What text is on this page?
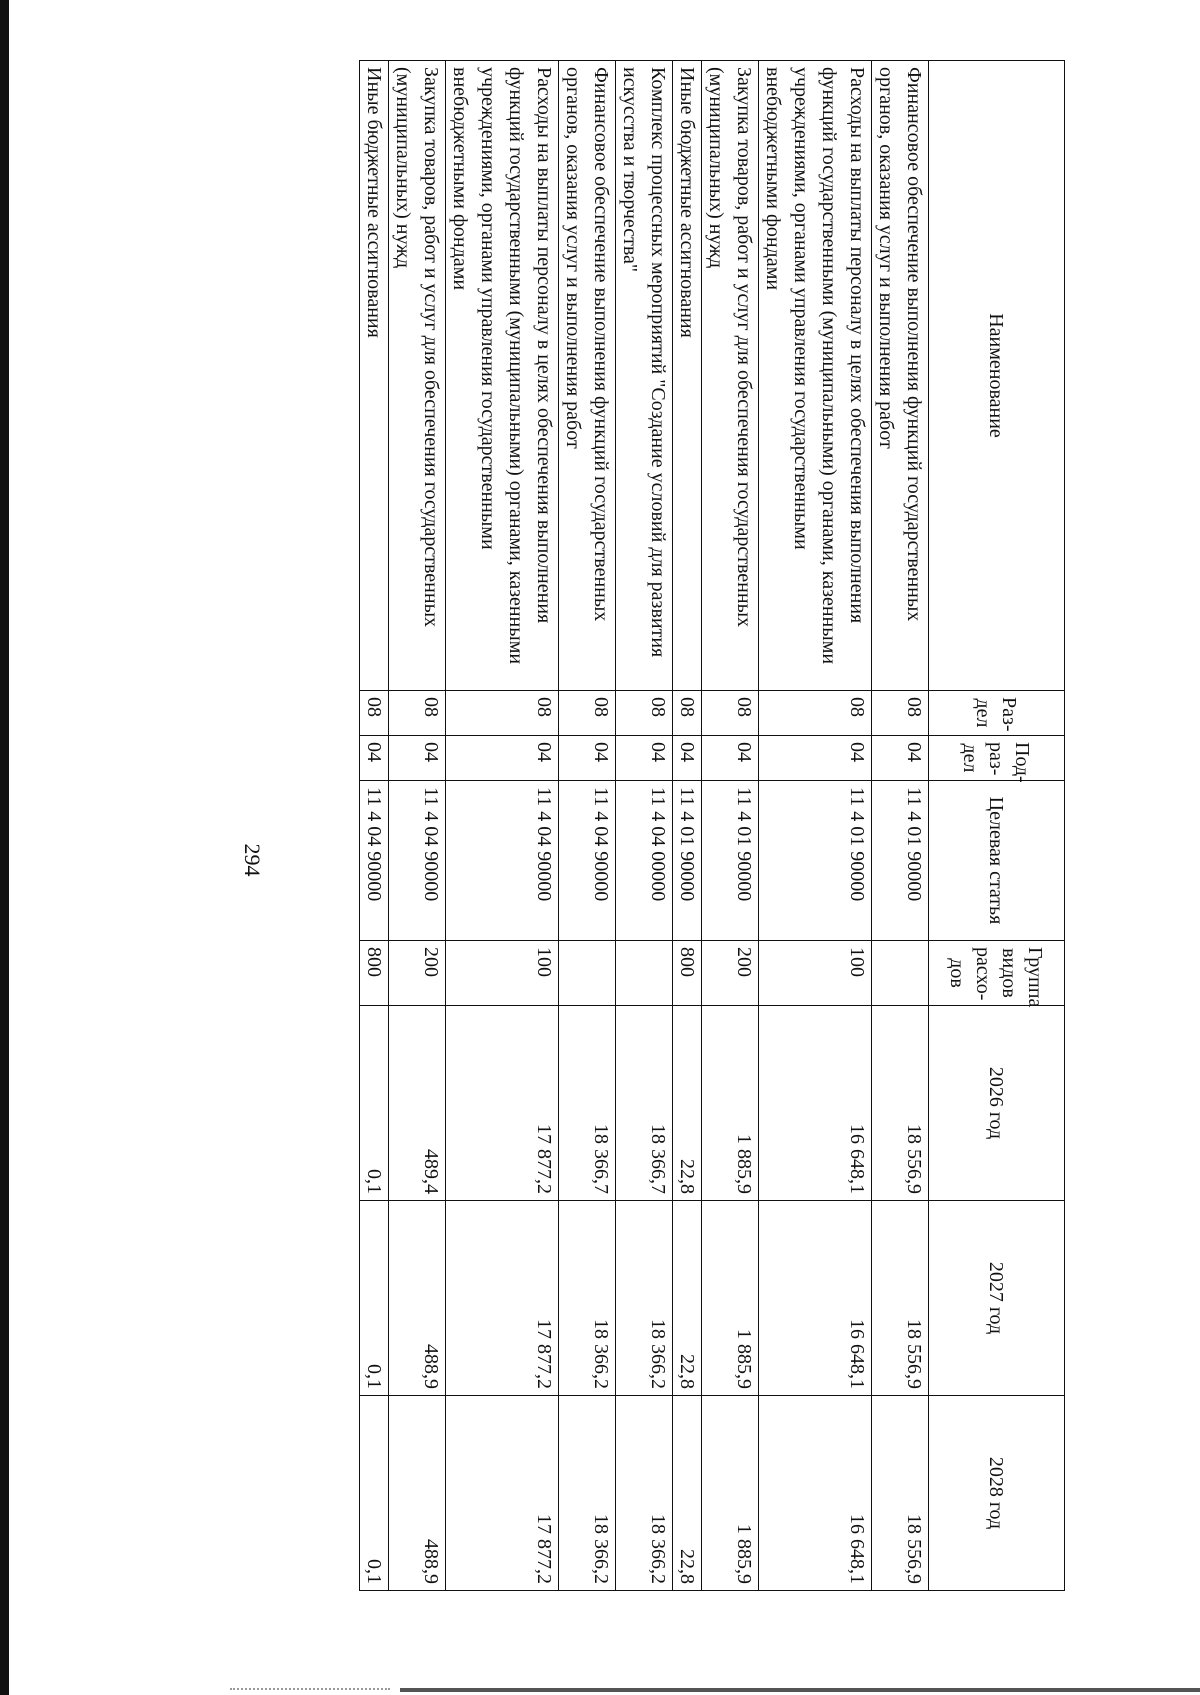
Наименование	Раз-дел	Под-раз-дел	Целевая статья	Группа видов расхо-дов	2026 год	2027 год	2028 год
Финансовое обеспечение выполнения функций государственных органов, оказания услуг и выполнения работ	08	04	11 4 01 90000		18 556,9	18 556,9	18 556,9
Расходы на выплаты персоналу в целях обеспечения выполнения функций государственными (муниципальными) органами, казенными учреждениями, органами управления государственными внебюджетными фондами	08	04	11 4 01 90000	100	16 648,1	16 648,1	16 648,1
Закупка товаров, работ и услуг для обеспечения государственных (муниципальных) нужд	08	04	11 4 01 90000	200	1 885,9	1 885,9	1 885,9
Иные бюджетные ассигнования	08	04	11 4 01 90000	800	22,8	22,8	22,8
Комплекс процессных мероприятий "Создание условий для развития искусства и творчества"	08	04	11 4 04 00000		18 366,7	18 366,2	18 366,2
Финансовое обеспечение выполнения функций государственных органов, оказания услуг и выполнения работ	08	04	11 4 04 90000		18 366,7	18 366,2	18 366,2
Расходы на выплаты персоналу в целях обеспечения выполнения функций государственными (муниципальными) органами, казенными учреждениями, органами управления государственными внебюджетными фондами	08	04	11 4 04 90000	100	17 877,2	17 877,2	17 877,2
Закупка товаров, работ и услуг для обеспечения государственных (муниципальных) нужд	08	04	11 4 04 90000	200	489,4	488,9	488,9
Иные бюджетные ассигнования	08	04	11 4 04 90000	800	0,1	0,1	0,1
294
